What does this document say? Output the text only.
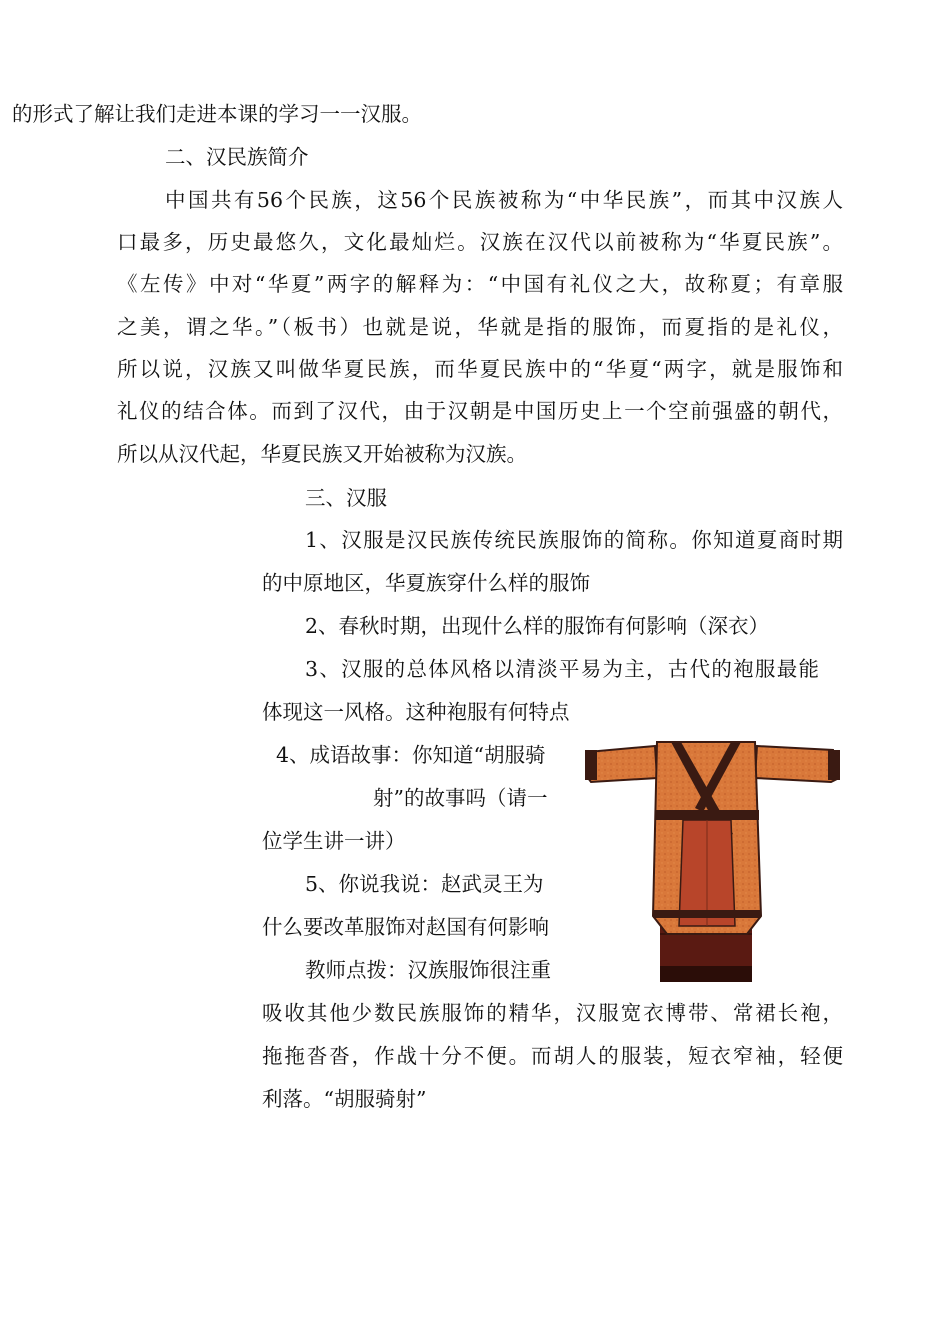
的形式了解让我们走进本课的学习一一汉服。
二、汉民族简介
中国共有56个民族，这56个民族被称为“中华民族”，而其中汉族人
口最多，历史最悠久，文化最灿烂。汉族在汉代以前被称为“华夏民族”。
《左传》中对“华夏”两字的解释为：“中国有礼仪之大，故称夏；有章服
之美，谓之华。”（板书）也就是说，华就是指的服饰，而夏指的是礼仪，
所以说，汉族又叫做华夏民族，而华夏民族中的“华夏“两字，就是服饰和
礼仪的结合体。而到了汉代，由于汉朝是中国历史上一个空前强盛的朝代，
所以从汉代起，华夏民族又开始被称为汉族。
三、汉服
1、汉服是汉民族传统民族服饰的简称。你知道夏商时期
的中原地区，华夏族穿什么样的服饰
2、春秋时期，出现什么样的服饰有何影响（深衣）
3、汉服的总体风格以清淡平易为主，古代的袍服最能
体现这一风格。这种袍服有何特点
4、成语故事：你知道“胡服骑
射”的故事吗（请一
位学生讲一讲）
5、你说我说：赵武灵王为
什么要改革服饰对赵国有何影响
教师点拨：汉族服饰很注重
吸收其他少数民族服饰的精华，汉服宽衣博带、常裙长袍，
拖拖沓沓，作战十分不便。而胡人的服装，短衣窄袖，轻便
利落。“胡服骑射”
